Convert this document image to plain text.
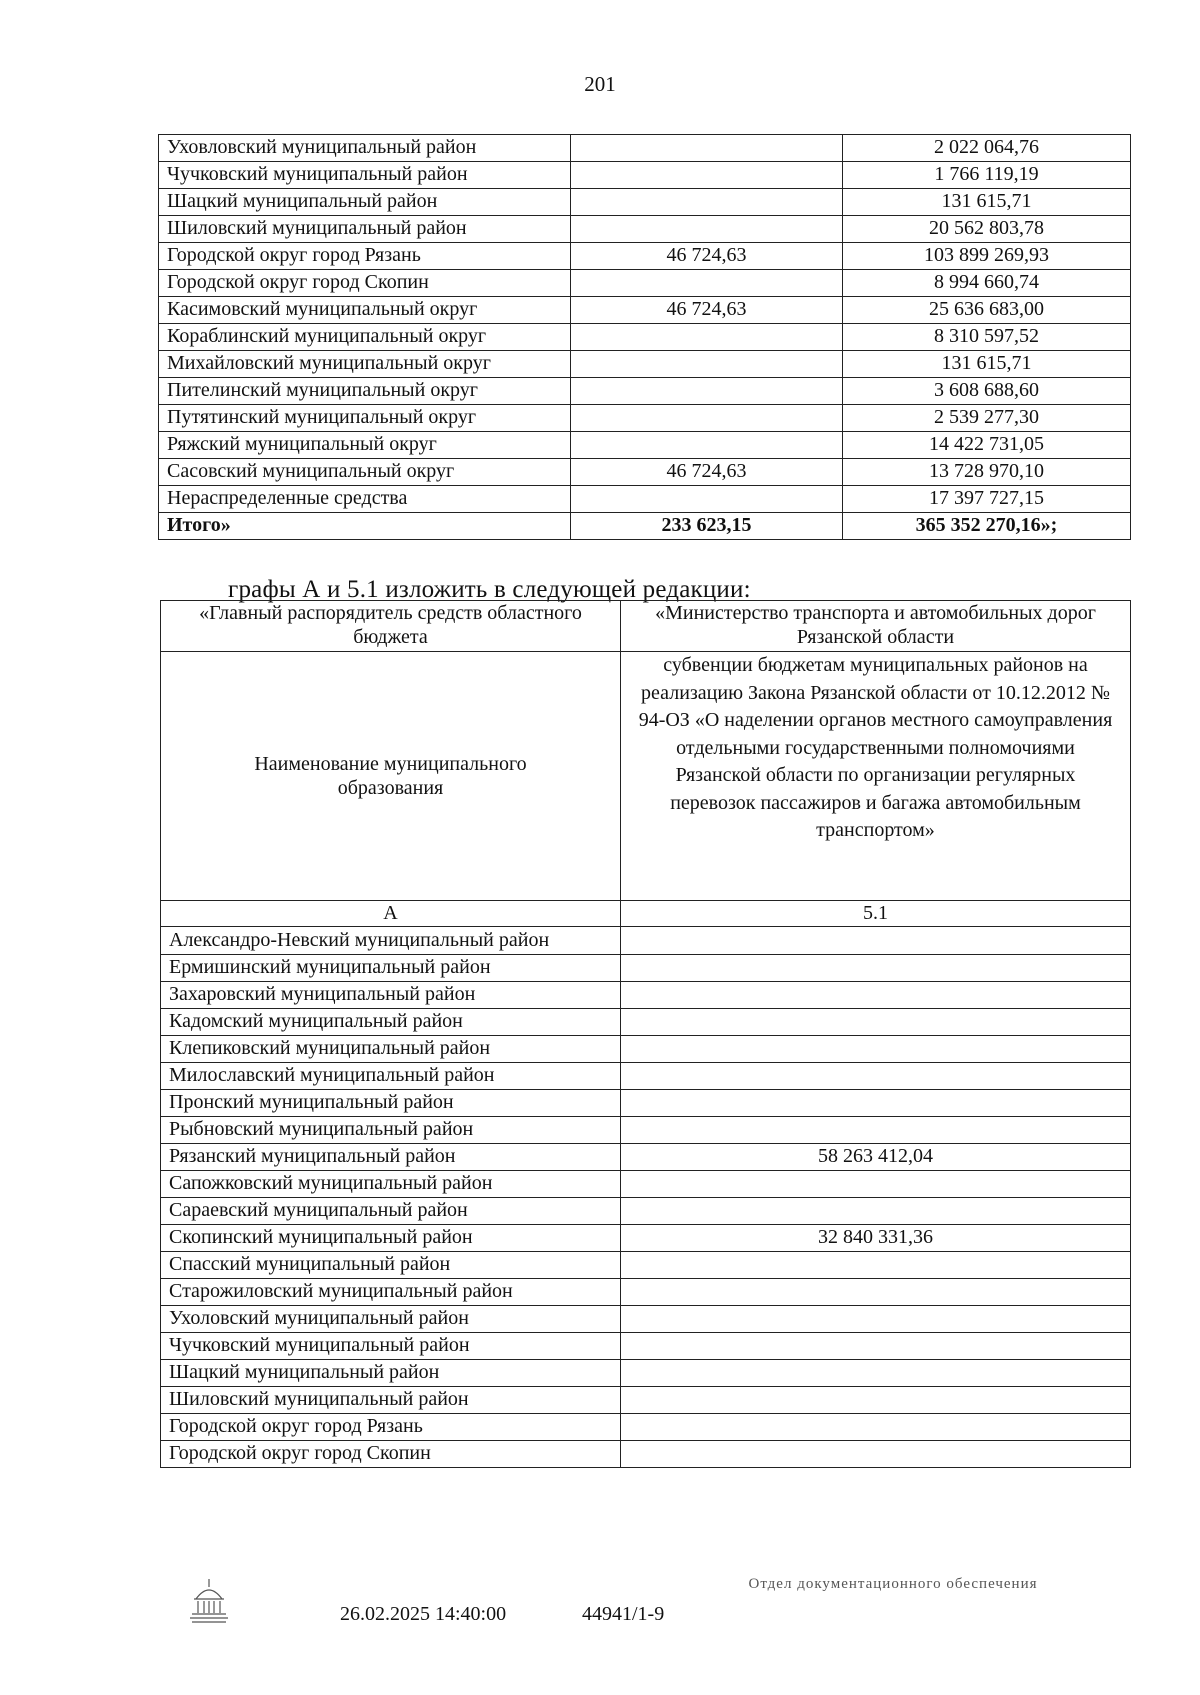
201
Уховловский муниципальный район		2 022 064,76
Чучковский муниципальный район		1 766 119,19
Шацкий муниципальный район		131 615,71
Шиловский муниципальный район		20 562 803,78
Городской округ город Рязань	46 724,63	103 899 269,93
Городской округ город Скопин		8 994 660,74
Касимовский муниципальный округ	46 724,63	25 636 683,00
Кораблинский муниципальный округ		8 310 597,52
Михайловский муниципальный округ		131 615,71
Пителинский муниципальный округ		3 608 688,60
Путятинский муниципальный округ		2 539 277,30
Ряжский муниципальный округ		14 422 731,05
Сасовский муниципальный округ	46 724,63	13 728 970,10
Нераспределенные средства		17 397 727,15
Итого»	233 623,15	365 352 270,16»;
графы А и 5.1 изложить в следующей редакции:
«Главный распорядитель средств областного бюджета	«Министерство транспорта и автомобильных дорог Рязанской области
Наименование муниципального образования	субвенции бюджетам муниципальных районов на реализацию Закона Рязанской области от 10.12.2012 № 94-ОЗ «О наделении органов местного самоуправления отдельными государственными полномочиями Рязанской области по организации регулярных перевозок пассажиров и багажа автомобильным транспортом»
А	5.1
Александро-Невский муниципальный район	
Ермишинский муниципальный район	
Захаровский муниципальный район	
Кадомский муниципальный район	
Клепиковский муниципальный район	
Милославский муниципальный район	
Пронский муниципальный район	
Рыбновский муниципальный район	
Рязанский муниципальный район	58 263 412,04
Сапожковский муниципальный район	
Сараевский муниципальный район	
Скопинский муниципальный район	32 840 331,36
Спасский муниципальный район	
Старожиловский муниципальный район	
Ухоловский муниципальный район	
Чучковский муниципальный район	
Шацкий муниципальный район	
Шиловский муниципальный район	
Городской округ город Рязань	
Городской округ город Скопин	
26.02.2025 14:40:00	44941/1-9
Отдел документационного обеспечения
